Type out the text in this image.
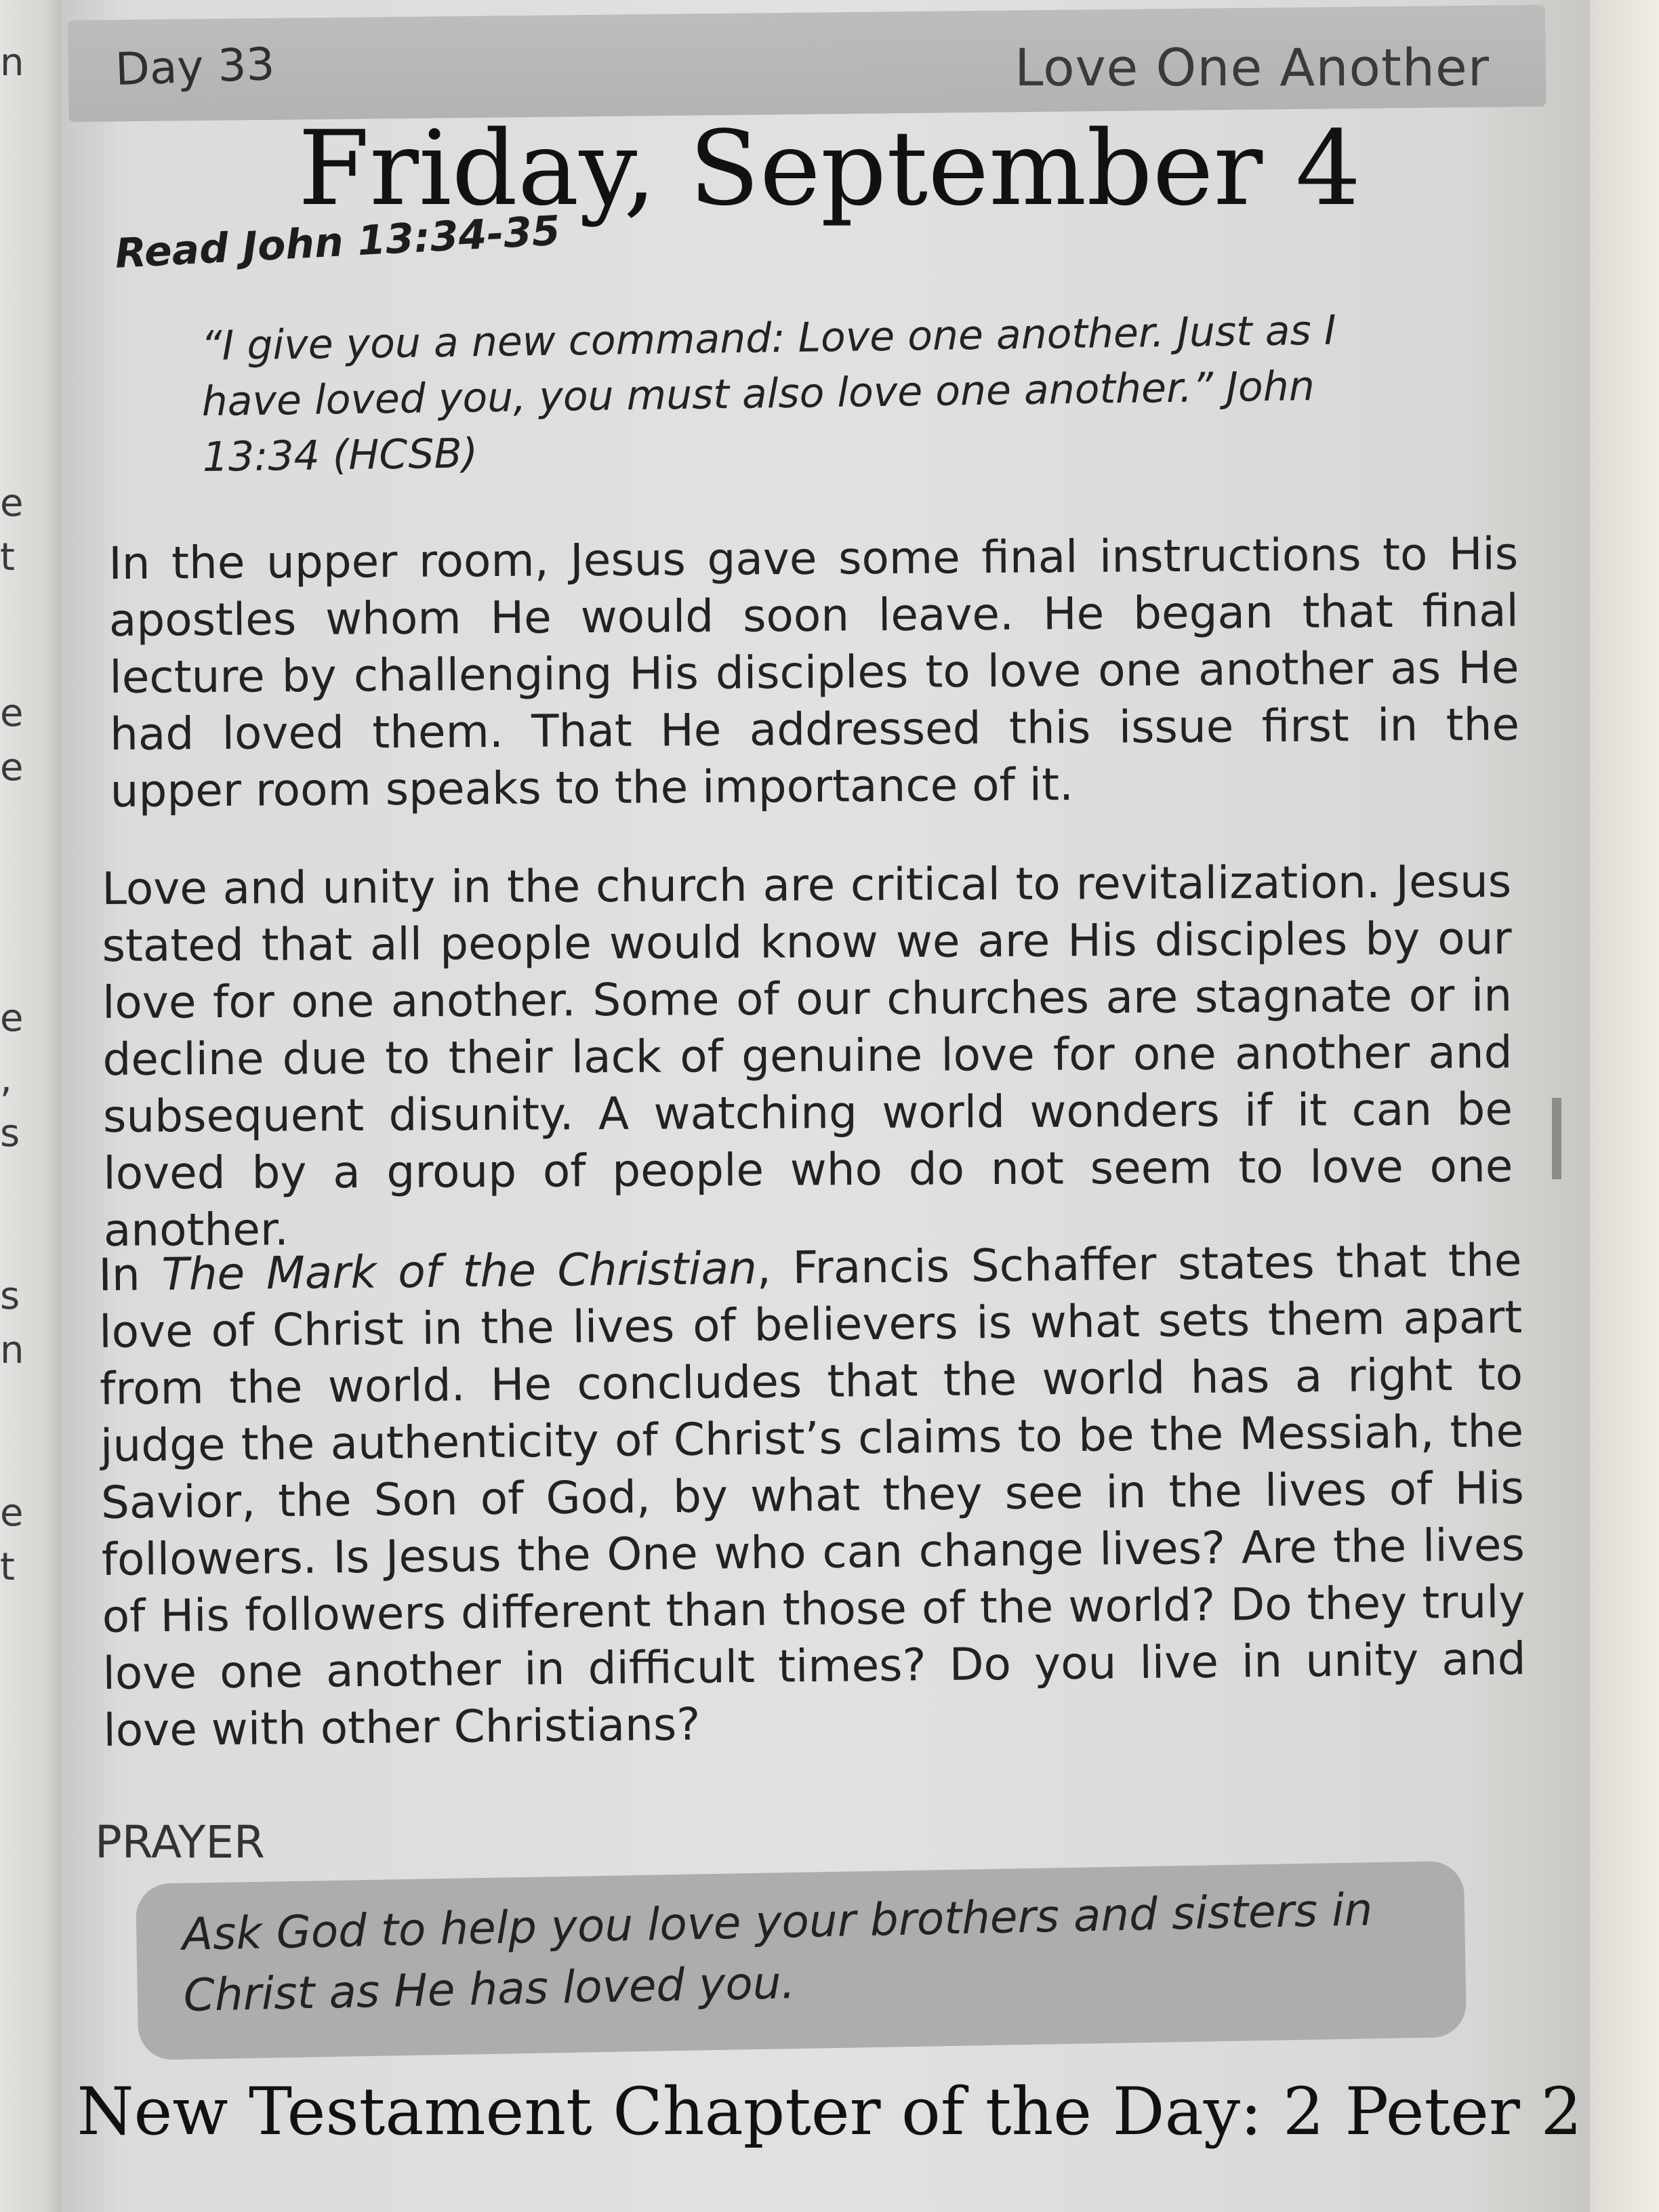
n
e
t
e
e
e
,
s
s
n
e
t
Day 33	Love One Another
Friday, September 4
Read John 13:34-35
“I give you a new command: Love one another. Just as I have loved you, you must also love one another.” John 13:34 (HCSB)
In the upper room, Jesus gave some final instructions to His apostles whom He would soon leave. He began that final lecture by challenging His disciples to love one another as He had loved them. That He addressed this issue first in the upper room speaks to the importance of it.
Love and unity in the church are critical to revitalization. Jesus stated that all people would know we are His disciples by our love for one another. Some of our churches are stagnate or in decline due to their lack of genuine love for one another and subsequent disunity. A watching world wonders if it can be loved by a group of people who do not seem to love one another.
In The Mark of the Christian, Francis Schaffer states that the love of Christ in the lives of believers is what sets them apart from the world. He concludes that the world has a right to judge the authenticity of Christ’s claims to be the Messiah, the Savior, the Son of God, by what they see in the lives of His followers. Is Jesus the One who can change lives? Are the lives of His followers different than those of the world? Do they truly love one another in difficult times? Do you live in unity and love with other Christians?
PRAYER
Ask God to help you love your brothers and sisters in Christ as He has loved you.
New Testament Chapter of the Day: 2 Peter 2
